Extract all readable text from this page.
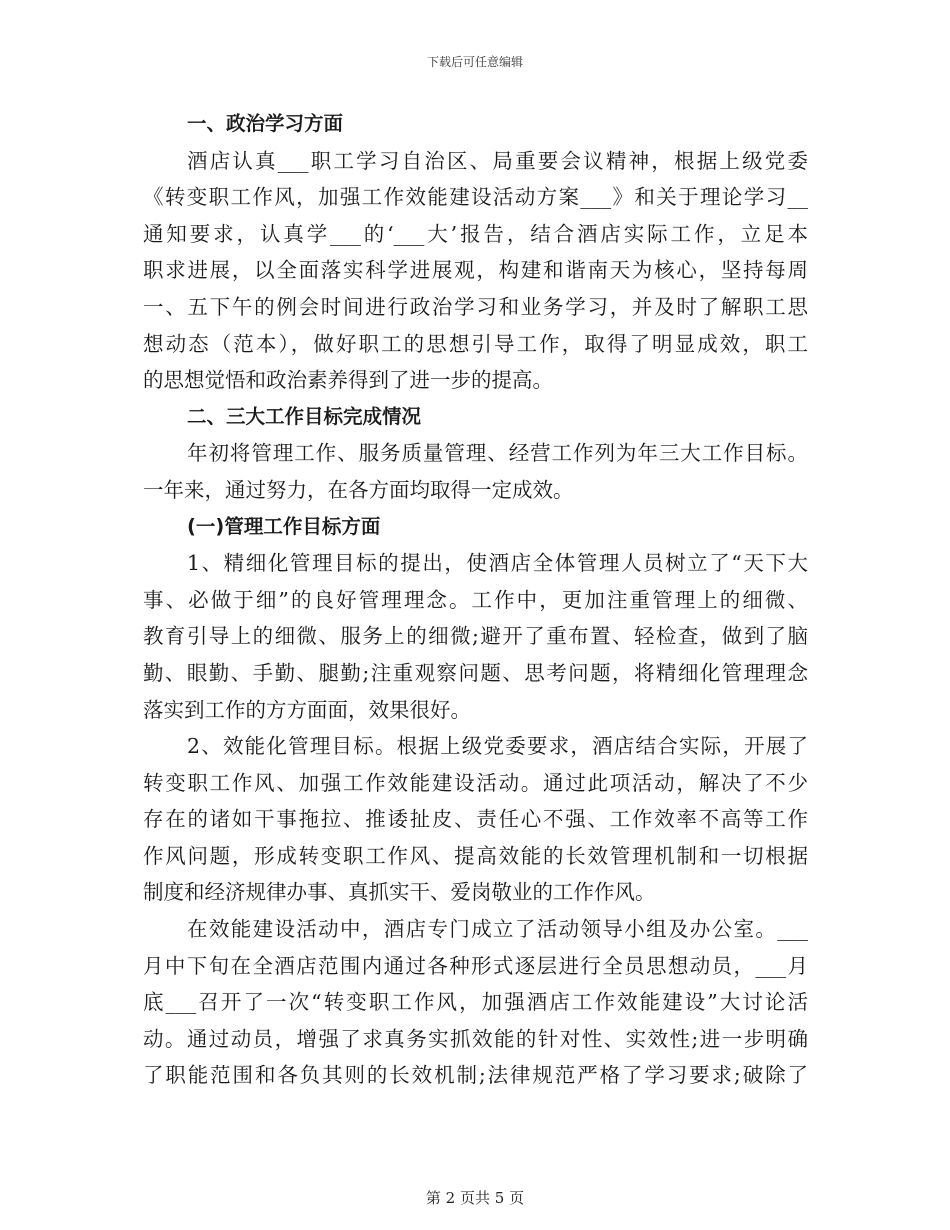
下载后可任意编辑
一、政治学习方面
酒店认真___职工学习自治区、局重要会议精神，根据上级党委
《转变职工作风，加强工作效能建设活动方案___》和关于理论学习__
通知要求，认真学___的‘___大’报告，结合酒店实际工作，立足本
职求进展，以全面落实科学进展观，构建和谐南天为核心，坚持每周
一、五下午的例会时间进行政治学习和业务学习，并及时了解职工思
想动态（范本），做好职工的思想引导工作，取得了明显成效，职工
的思想觉悟和政治素养得到了进一步的提高。
二、三大工作目标完成情况
年初将管理工作、服务质量管理、经营工作列为年三大工作目标。
一年来，通过努力，在各方面均取得一定成效。
(一)管理工作目标方面
1、精细化管理目标的提出，使酒店全体管理人员树立了“天下大
事、必做于细”的良好管理理念。工作中，更加注重管理上的细微、
教育引导上的细微、服务上的细微;避开了重布置、轻检查，做到了脑
勤、眼勤、手勤、腿勤;注重观察问题、思考问题，将精细化管理理念
落实到工作的方方面面，效果很好。
2、效能化管理目标。根据上级党委要求，酒店结合实际，开展了
转变职工作风、加强工作效能建设活动。通过此项活动，解决了不少
存在的诸如干事拖拉、推诿扯皮、责任心不强、工作效率不高等工作
作风问题，形成转变职工作风、提高效能的长效管理机制和一切根据
制度和经济规律办事、真抓实干、爱岗敬业的工作作风。
在效能建设活动中，酒店专门成立了活动领导小组及办公室。___
月中下旬在全酒店范围内通过各种形式逐层进行全员思想动员，___月
底___召开了一次“转变职工作风，加强酒店工作效能建设”大讨论活
动。通过动员，增强了求真务实抓效能的针对性、实效性;进一步明确
了职能范围和各负其则的长效机制;法律规范严格了学习要求;破除了
第 2 页共 5 页
